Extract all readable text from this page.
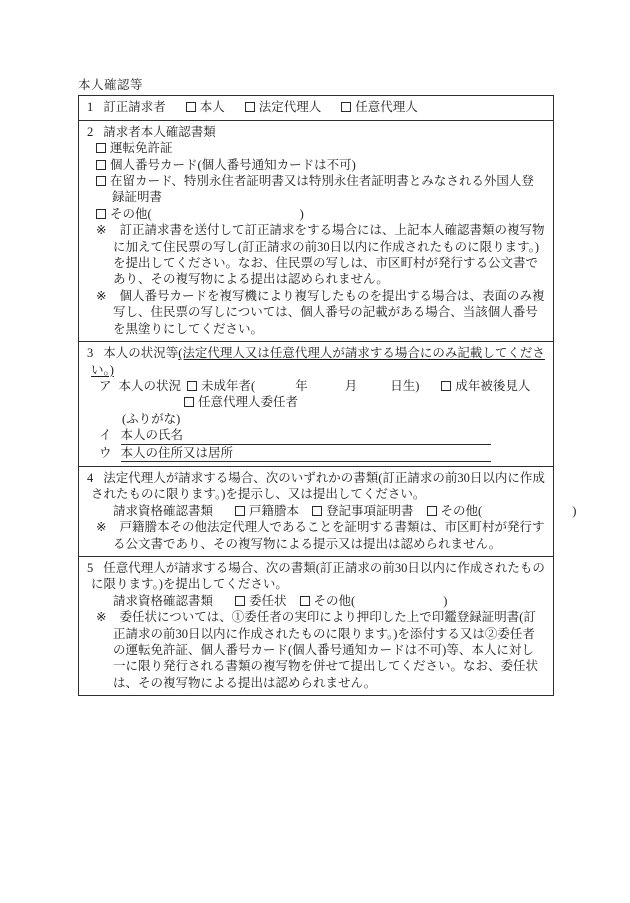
本人確認等
1 訂正請求者	本人	法定代理人	任意代理人
2 請求者本人確認書類
運転免許証
個人番号カード(個人番号通知カードは不可)
在留カード、特別永住者証明書又は特別永住者証明書とみなされる外国人登録証明書
その他(	)
※ 訂正請求書を送付して訂正請求をする場合には、上記本人確認書類の複写物に加えて住民票の写し(訂正請求の前30日以内に作成されたものに限ります。)を提出してください。なお、住民票の写しは、市区町村が発行する公文書であり、その複写物による提出は認められません。
※ 個人番号カードを複写機により複写したものを提出する場合は、表面のみ複写し、住民票の写しについては、個人番号の記載がある場合、当該個人番号を黒塗りにしてください。
3 本人の状況等(法定代理人又は任意代理人が請求する場合にのみ記載してください。)
ア 本人の状況 未成年者(	年	月	日生)	成年被後見人
任意代理人委任者
(ふりがな)
イ 本人の氏名
ウ 本人の住所又は居所
4 法定代理人が請求する場合、次のいずれかの書類(訂正請求の前30日以内に作成されたものに限ります。)を提示し、又は提出してください。
請求資格確認書類	戸籍謄本 登記事項証明書 その他(	)
※ 戸籍謄本その他法定代理人であることを証明する書類は、市区町村が発行する公文書であり、その複写物による提示又は提出は認められません。
5 任意代理人が請求する場合、次の書類(訂正請求の前30日以内に作成されたものに限ります。)を提出してください。
請求資格確認書類	委任状 その他(	)
※ 委任状については、①委任者の実印により押印した上で印鑑登録証明書(訂正請求の前30日以内に作成されたものに限ります。)を添付する又は②委任者の運転免許証、個人番号カード(個人番号通知カードは不可)等、本人に対し一に限り発行される書類の複写物を併せて提出してください。なお、委任状は、その複写物による提出は認められません。
